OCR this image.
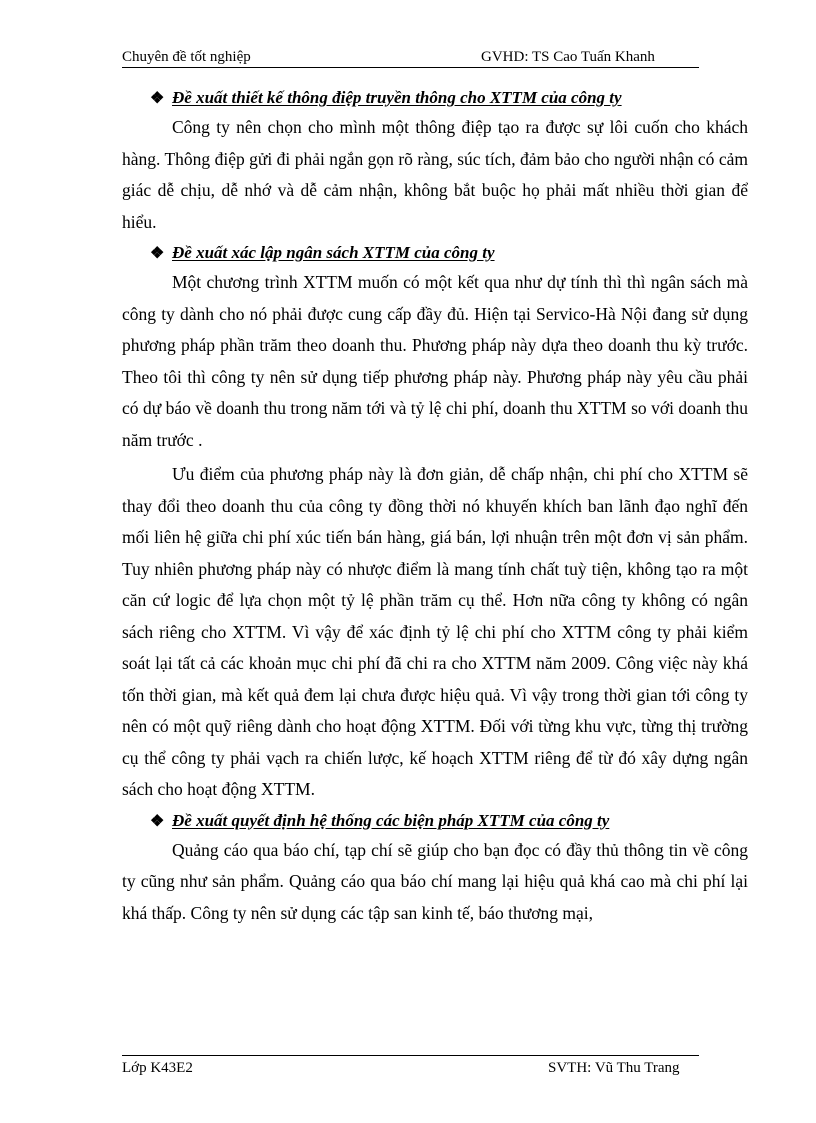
Chuyên đề tốt nghiệp	GVHD: TS Cao Tuấn Khanh
❖ Đề xuất thiết kế thông điệp truyền thông cho XTTM của công ty

Công ty nên chọn cho mình một thông điệp tạo ra được sự lôi cuốn cho khách hàng. Thông điệp gửi đi phải ngắn gọn rõ ràng, súc tích, đảm bảo cho người nhận có cảm giác dễ chịu, dễ nhớ và dễ cảm nhận, không bắt buộc họ phải mất nhiều thời gian để hiểu.

❖ Đề xuất xác lập ngân sách XTTM của công ty

Một chương trình XTTM muốn có một kết qua như dự tính thì thì ngân sách mà công ty dành cho nó phải được cung cấp đầy đủ. Hiện tại Servico-Hà Nội đang sử dụng phương pháp phần trăm theo doanh thu. Phương pháp này dựa theo doanh thu kỳ trước. Theo tôi thì công ty nên sử dụng tiếp phương pháp này. Phương pháp này yêu cầu phải có dự báo về doanh thu trong năm tới và tỷ lệ chi phí, doanh thu XTTM so với doanh thu năm trước .

Ưu điểm của phương pháp này là đơn giản, dễ chấp nhận, chi phí cho XTTM sẽ thay đổi theo doanh thu của công ty đồng thời nó khuyến khích ban lãnh đạo nghĩ đến mối liên hệ giữa chi phí xúc tiến bán hàng, giá bán, lợi nhuận trên một đơn vị sản phẩm. Tuy nhiên phương pháp này có nhược điểm là mang tính chất tuỳ tiện, không tạo ra một căn cứ logic để lựa chọn một tỷ lệ phần trăm cụ thể. Hơn nữa công ty không có ngân sách riêng cho XTTM. Vì vậy để xác định tỷ lệ chi phí cho XTTM công ty phải kiểm soát lại tất cả các khoản mục chi phí đã chi ra cho XTTM năm 2009. Công việc này khá tốn thời gian, mà kết quả đem lại chưa được hiệu quả. Vì vậy trong thời gian tới công ty nên có một quỹ riêng dành cho hoạt động XTTM. Đối với từng khu vực, từng thị trường cụ thể công ty phải vạch ra chiến lược, kế hoạch XTTM riêng để từ đó xây dựng ngân sách cho hoạt động XTTM.

❖ Đề xuất quyết định hệ thống các biện pháp XTTM của công ty

Quảng cáo qua báo chí, tạp chí sẽ giúp cho bạn đọc có đầy thủ thông tin về công ty cũng như sản phẩm. Quảng cáo qua báo chí mang lại hiệu quả khá cao mà chi phí lại khá thấp. Công ty nên sử dụng các tập san kinh tế, báo thương mại,

Lớp K43E2	SVTH: Vũ Thu Trang
